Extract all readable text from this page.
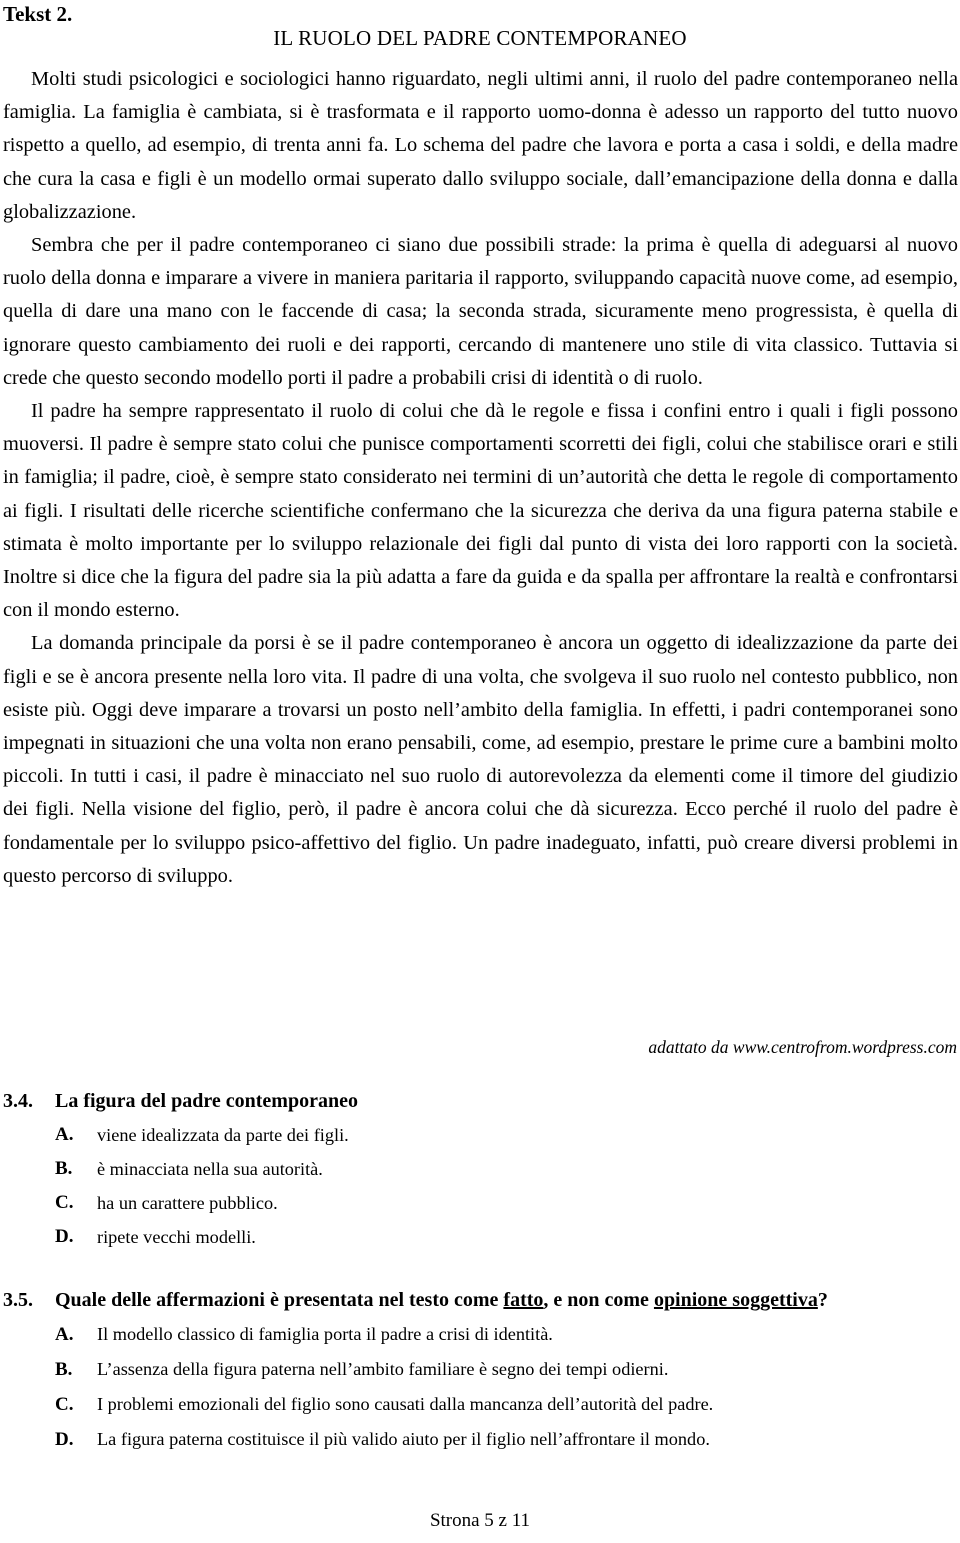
Tekst 2.
IL RUOLO DEL PADRE CONTEMPORANEO

Molti studi psicologici e sociologici hanno riguardato, negli ultimi anni, il ruolo del padre contemporaneo nella famiglia. La famiglia è cambiata, si è trasformata e il rapporto uomo-donna è adesso un rapporto del tutto nuovo rispetto a quello, ad esempio, di trenta anni fa. Lo schema del padre che lavora e porta a casa i soldi, e della madre che cura la casa e figli è un modello ormai superato dallo sviluppo sociale, dall’emancipazione della donna e dalla globalizzazione.

Sembra che per il padre contemporaneo ci siano due possibili strade: la prima è quella di adeguarsi al nuovo ruolo della donna e imparare a vivere in maniera paritaria il rapporto, sviluppando capacità nuove come, ad esempio, quella di dare una mano con le faccende di casa; la seconda strada, sicuramente meno progressista, è quella di ignorare questo cambiamento dei ruoli e dei rapporti, cercando di mantenere uno stile di vita classico. Tuttavia si crede che questo secondo modello porti il padre a probabili crisi di identità o di ruolo.

Il padre ha sempre rappresentato il ruolo di colui che dà le regole e fissa i confini entro i quali i figli possono muoversi. Il padre è sempre stato colui che punisce comportamenti scorretti dei figli, colui che stabilisce orari e stili in famiglia; il padre, cioè, è sempre stato considerato nei termini di un’autorità che detta le regole di comportamento ai figli. I risultati delle ricerche scientifiche confermano che la sicurezza che deriva da una figura paterna stabile e stimata è molto importante per lo sviluppo relazionale dei figli dal punto di vista dei loro rapporti con la società. Inoltre si dice che la figura del padre sia la più adatta a fare da guida e da spalla per affrontare la realtà e confrontarsi con il mondo esterno.

La domanda principale da porsi è se il padre contemporaneo è ancora un oggetto di idealizzazione da parte dei figli e se è ancora presente nella loro vita. Il padre di una volta, che svolgeva il suo ruolo nel contesto pubblico, non esiste più. Oggi deve imparare a trovarsi un posto nell’ambito della famiglia. In effetti, i padri contemporanei sono impegnati in situazioni che una volta non erano pensabili, come, ad esempio, prestare le prime cure a bambini molto piccoli. In tutti i casi, il padre è minacciato nel suo ruolo di autorevolezza da elementi come il timore del giudizio dei figli. Nella visione del figlio, però, il padre è ancora colui che dà sicurezza. Ecco perché il ruolo del padre è fondamentale per lo sviluppo psico-affettivo del figlio. Un padre inadeguato, infatti, può creare diversi problemi in questo percorso di sviluppo.

adattato da www.centrofrom.wordpress.com
3.4.	La figura del padre contemporaneo
A.	viene idealizzata da parte dei figli.
B.	è minacciata nella sua autorità.
C.	ha un carattere pubblico.
D.	ripete vecchi modelli.
3.5.	Quale delle affermazioni è presentata nel testo come fatto, e non come opinione soggettiva?
A.	Il modello classico di famiglia porta il padre a crisi di identità.
B.	L’assenza della figura paterna nell’ambito familiare è segno dei tempi odierni.
C.	I problemi emozionali del figlio sono causati dalla mancanza dell’autorità del padre.
D.	La figura paterna costituisce il più valido aiuto per il figlio nell’affrontare il mondo.
Strona 5 z 11
